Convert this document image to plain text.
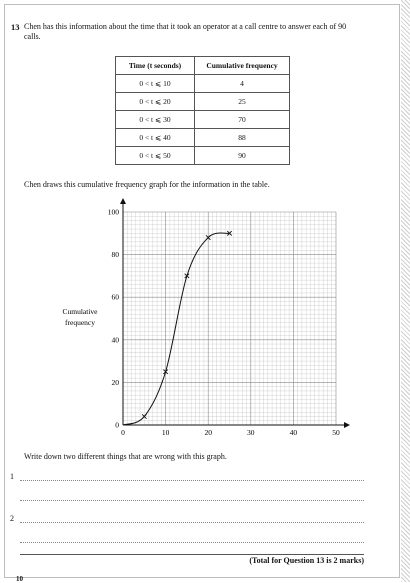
13 Chen has this information about the time that it took an operator at a call centre to answer each of 90 calls.
Time (t seconds)	Cumulative frequency
0 < t ⩽ 10	4
0 < t ⩽ 20	25
0 < t ⩽ 30	70
0 < t ⩽ 40	88
0 < t ⩽ 50	90
Chen draws this cumulative frequency graph for the information in the table.
0	10	20	30	40	50
0
20
40
60
80
100
Cumulative
frequency
Write down two different things that are wrong with this graph.
1
2
(Total for Question 13 is 2 marks)
10
